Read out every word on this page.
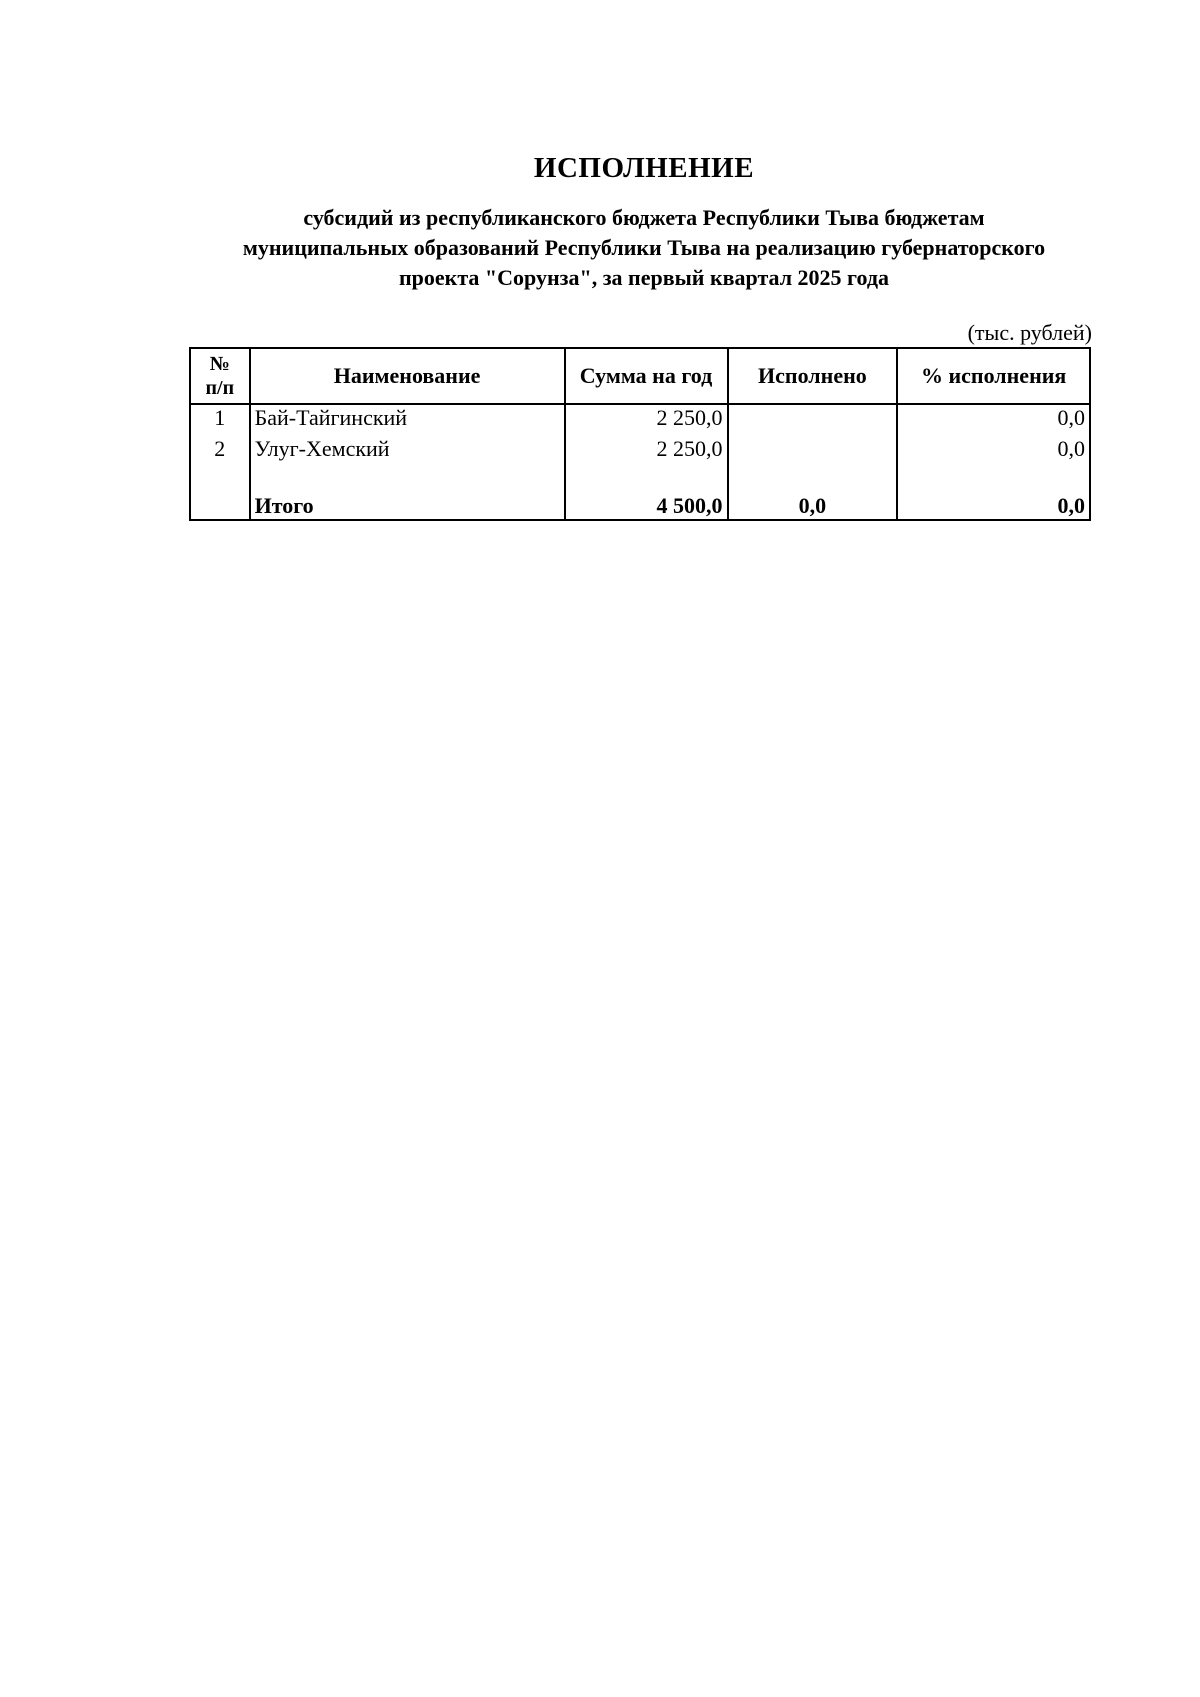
ИСПОЛНЕНИЕ
субсидий из республиканского бюджета Республики Тыва бюджетам
муниципальных образований Республики Тыва на реализацию губернаторского
проекта "Сорунза", за первый квартал 2025 года
(тыс. рублей)
№
п/п	Наименование	Сумма на год	Исполнено	% исполнения
1	Бай-Тайгинский	2 250,0		0,0
2	Улуг-Хемский	2 250,0		0,0

	Итого	4 500,0	0,0	0,0
